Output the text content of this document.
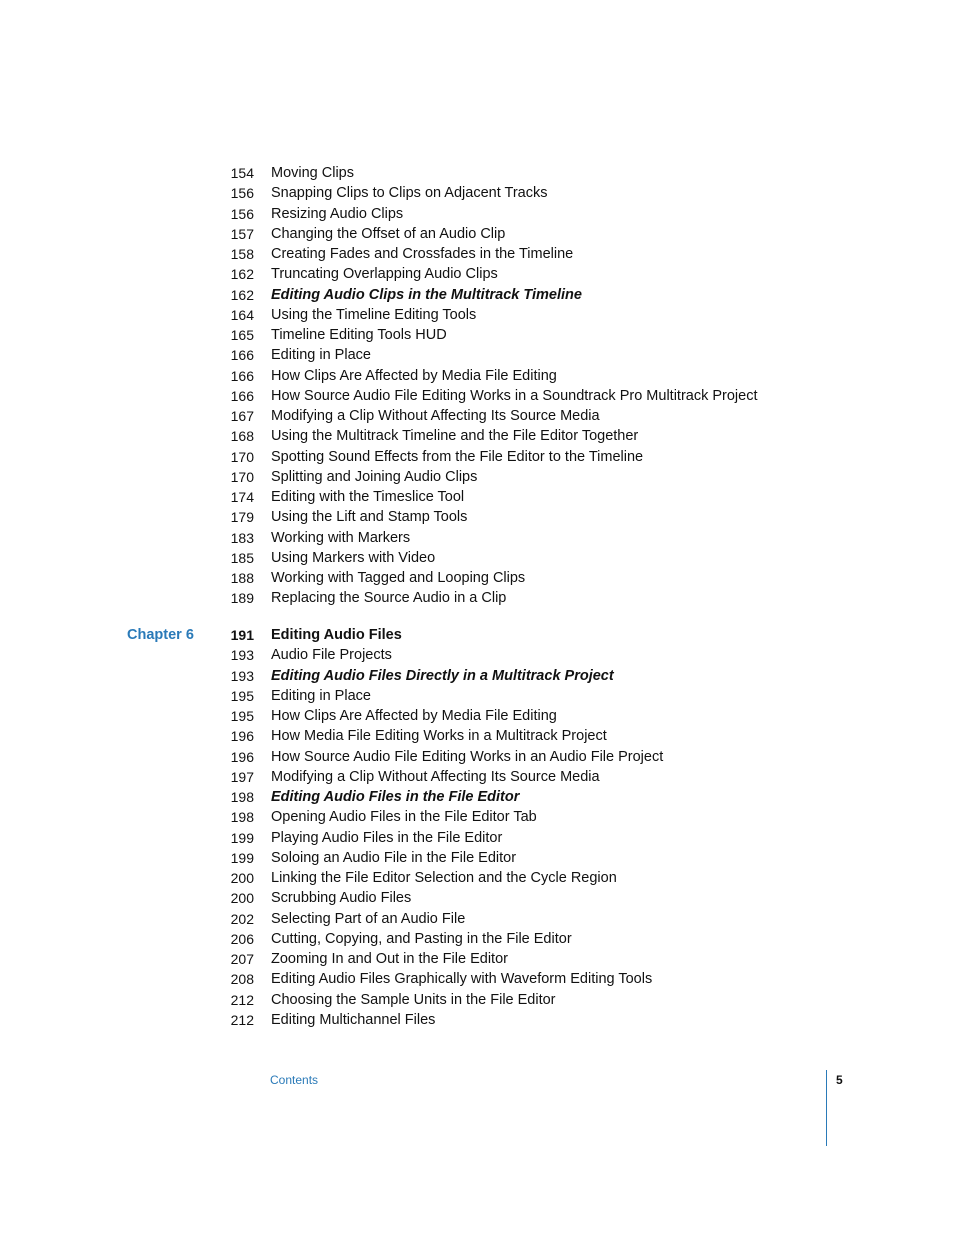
154 Moving Clips
156 Snapping Clips to Clips on Adjacent Tracks
156 Resizing Audio Clips
157 Changing the Offset of an Audio Clip
158 Creating Fades and Crossfades in the Timeline
162 Truncating Overlapping Audio Clips
162 Editing Audio Clips in the Multitrack Timeline
164 Using the Timeline Editing Tools
165 Timeline Editing Tools HUD
166 Editing in Place
166 How Clips Are Affected by Media File Editing
166 How Source Audio File Editing Works in a Soundtrack Pro Multitrack Project
167 Modifying a Clip Without Affecting Its Source Media
168 Using the Multitrack Timeline and the File Editor Together
170 Spotting Sound Effects from the File Editor to the Timeline
170 Splitting and Joining Audio Clips
174 Editing with the Timeslice Tool
179 Using the Lift and Stamp Tools
183 Working with Markers
185 Using Markers with Video
188 Working with Tagged and Looping Clips
189 Replacing the Source Audio in a Clip
191 Editing Audio Files
193 Audio File Projects
193 Editing Audio Files Directly in a Multitrack Project
195 Editing in Place
195 How Clips Are Affected by Media File Editing
196 How Media File Editing Works in a Multitrack Project
196 How Source Audio File Editing Works in an Audio File Project
197 Modifying a Clip Without Affecting Its Source Media
198 Editing Audio Files in the File Editor
198 Opening Audio Files in the File Editor Tab
199 Playing Audio Files in the File Editor
199 Soloing an Audio File in the File Editor
200 Linking the File Editor Selection and the Cycle Region
200 Scrubbing Audio Files
202 Selecting Part of an Audio File
206 Cutting, Copying, and Pasting in the File Editor
207 Zooming In and Out in the File Editor
208 Editing Audio Files Graphically with Waveform Editing Tools
212 Choosing the Sample Units in the File Editor
212 Editing Multichannel Files
Chapter 6
Contents	5
